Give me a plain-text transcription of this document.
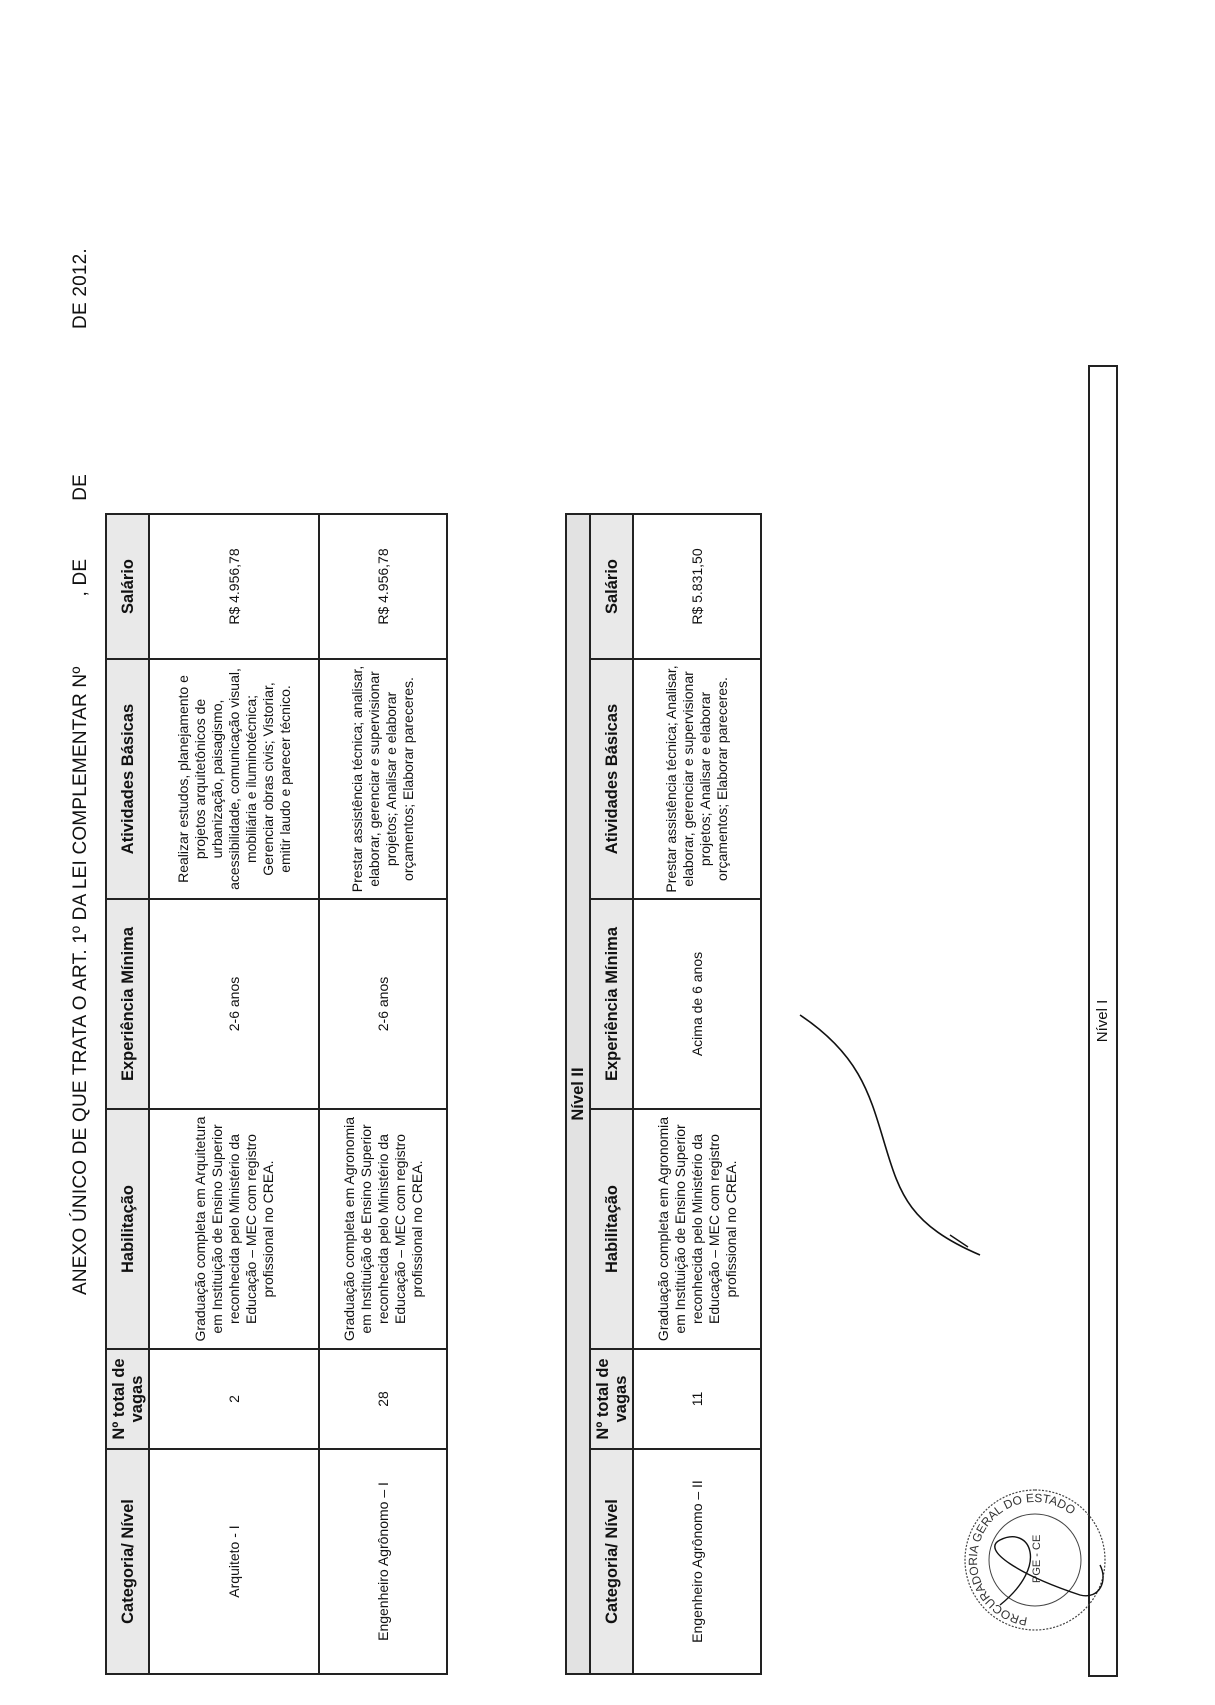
ANEXO ÚNICO DE QUE TRATA O ART. 1º DA LEI COMPLEMENTAR Nº, DEDEDE 2012.
Categoria/ Nível	Nº total de vagas	Habilitação	Experiência Mínima	Atividades Básicas	Salário
Arquiteto - I	2	Graduação completa em Arquitetura em Instituição de Ensino Superior reconhecida pelo Ministério da Educação – MEC com registro profissional no CREA.	2-6 anos	Realizar estudos, planejamento e projetos arquitetônicos de urbanização, paisagismo, acessibilidade, comunicação visual, mobiliária e iluminotécnica; Gerenciar obras civis; Vistoriar, emitir laudo e parecer técnico.	R$ 4.956,78
Engenheiro Agrônomo – I	28	Graduação completa em Agronomia em Instituição de Ensino Superior reconhecida pelo Ministério da Educação – MEC com registro profissional no CREA.	2-6 anos	Prestar assistência técnica; analisar, elaborar, gerenciar e supervisionar projetos; Analisar e elaborar orçamentos; Elaborar pareceres.	R$ 4.956,78
Nível II					
Categoria/ Nível	Nº total de vagas	Habilitação	Experiência Mínima	Atividades Básicas	Salário
Engenheiro Agrônomo – II	11	Graduação completa em Agronomia em Instituição de Ensino Superior reconhecida pelo Ministério da Educação – MEC com registro profissional no CREA.	Acima de 6 anos	Prestar assistência técnica; Analisar, elaborar, gerenciar e supervisionar projetos; Analisar e elaborar orçamentos; Elaborar pareceres.	R$ 5.831,50
Nível I
PROCURADORIA GERAL DO ESTADO
PGE - CE
